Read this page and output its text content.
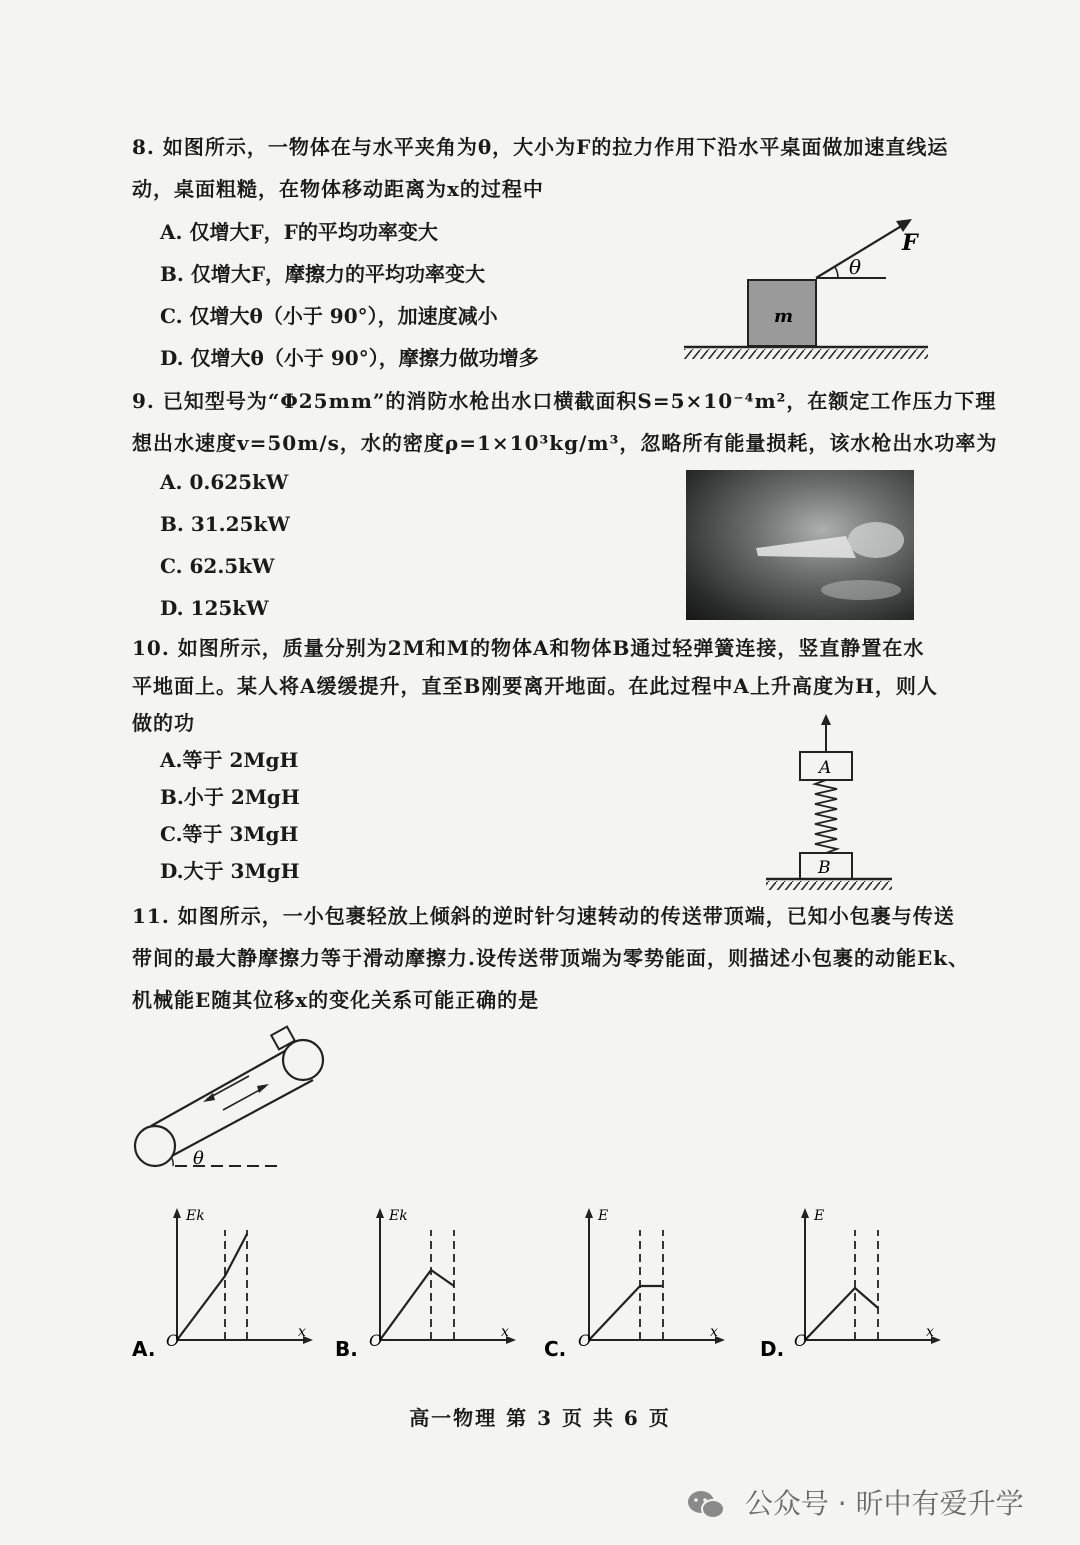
8. 如图所示，一物体在与水平夹角为θ，大小为F的拉力作用下沿水平桌面做加速直线运
动，桌面粗糙，在物体移动距离为x的过程中
A. 仅增大F，F的平均功率变大
B. 仅增大F，摩擦力的平均功率变大
C. 仅增大θ（小于 90°），加速度减小
D. 仅增大θ（小于 90°），摩擦力做功增多
m
F
θ
9. 已知型号为“Φ25mm”的消防水枪出水口横截面积S=5×10⁻⁴m²，在额定工作压力下理
想出水速度v=50m/s，水的密度ρ=1×10³kg/m³，忽略所有能量损耗，该水枪出水功率为
A. 0.625kW
B. 31.25kW
C. 62.5kW
D. 125kW
10. 如图所示，质量分别为2M和M的物体A和物体B通过轻弹簧连接，竖直静置在水
平地面上。某人将A缓缓提升，直至B刚要离开地面。在此过程中A上升高度为H，则人
做的功
A.等于 2MgH
B.小于 2MgH
C.等于 3MgH
D.大于 3MgH
A
B
11. 如图所示，一小包裹轻放上倾斜的逆时针匀速转动的传送带顶端，已知小包裹与传送
带间的最大静摩擦力等于滑动摩擦力.设传送带顶端为零势能面，则描述小包裹的动能Ek、
机械能E随其位移x的变化关系可能正确的是
θ
Ek
x
O
A.
Ek
x
O
B.
E
x
O
C.
E
x
O
D.
高一物理 第 3 页 共 6 页
公众号 · 昕中有爱升学
